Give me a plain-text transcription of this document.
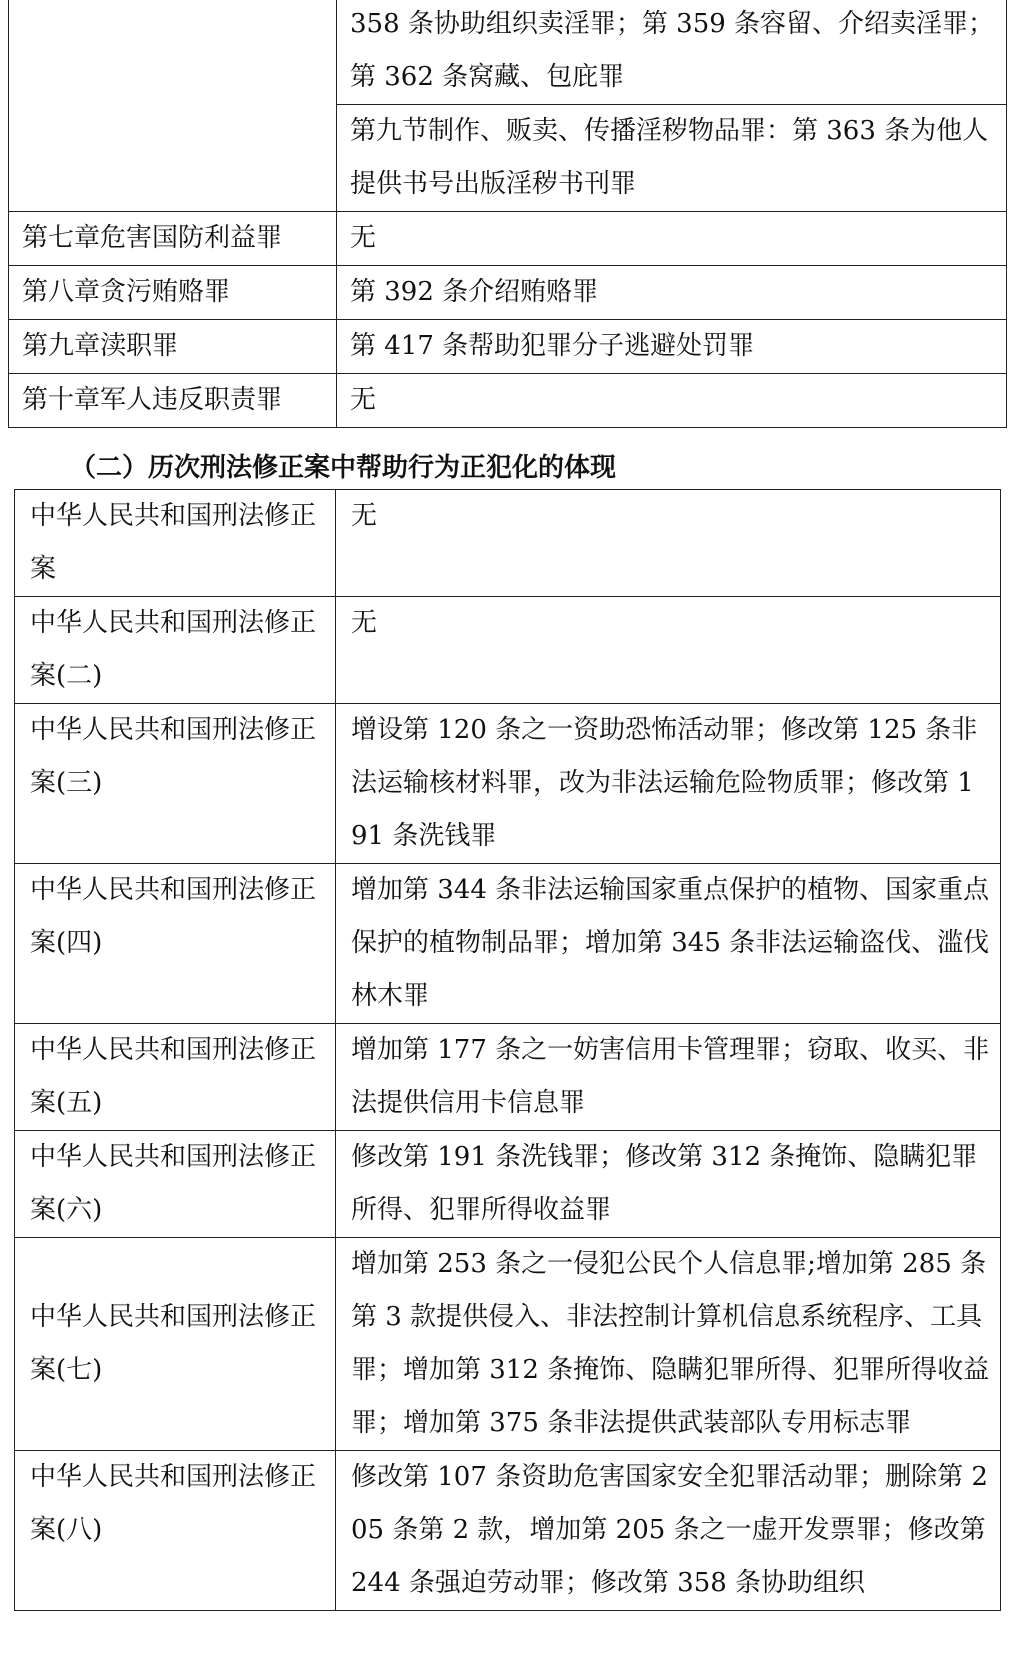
	358 条协助组织卖淫罪；第 359 条容留、介绍卖淫罪；第 362 条窝藏、包庇罪
	第九节制作、贩卖、传播淫秽物品罪：第 363 条为他人提供书号出版淫秽书刊罪
第七章危害国防利益罪	无
第八章贪污贿赂罪	第 392 条介绍贿赂罪
第九章渎职罪	第 417 条帮助犯罪分子逃避处罚罪
第十章军人违反职责罪	无
（二）历次刑法修正案中帮助行为正犯化的体现
中华人民共和国刑法修正案	无
中华人民共和国刑法修正案(二)	无
中华人民共和国刑法修正案(三)	增设第 120 条之一资助恐怖活动罪；修改第 125 条非法运输核材料罪，改为非法运输危险物质罪；修改第 191 条洗钱罪
中华人民共和国刑法修正案(四)	增加第 344 条非法运输国家重点保护的植物、国家重点保护的植物制品罪；增加第 345 条非法运输盗伐、滥伐林木罪
中华人民共和国刑法修正案(五)	增加第 177 条之一妨害信用卡管理罪；窃取、收买、非法提供信用卡信息罪
中华人民共和国刑法修正案(六)	修改第 191 条洗钱罪；修改第 312 条掩饰、隐瞒犯罪所得、犯罪所得收益罪
中华人民共和国刑法修正案(七)	增加第 253 条之一侵犯公民个人信息罪;增加第 285 条第 3 款提供侵入、非法控制计算机信息系统程序、工具罪；增加第 312 条掩饰、隐瞒犯罪所得、犯罪所得收益罪；增加第 375 条非法提供武装部队专用标志罪
中华人民共和国刑法修正案(八)	修改第 107 条资助危害国家安全犯罪活动罪；删除第 205 条第 2 款，增加第 205 条之一虚开发票罪；修改第 244 条强迫劳动罪；修改第 358 条协助组织
